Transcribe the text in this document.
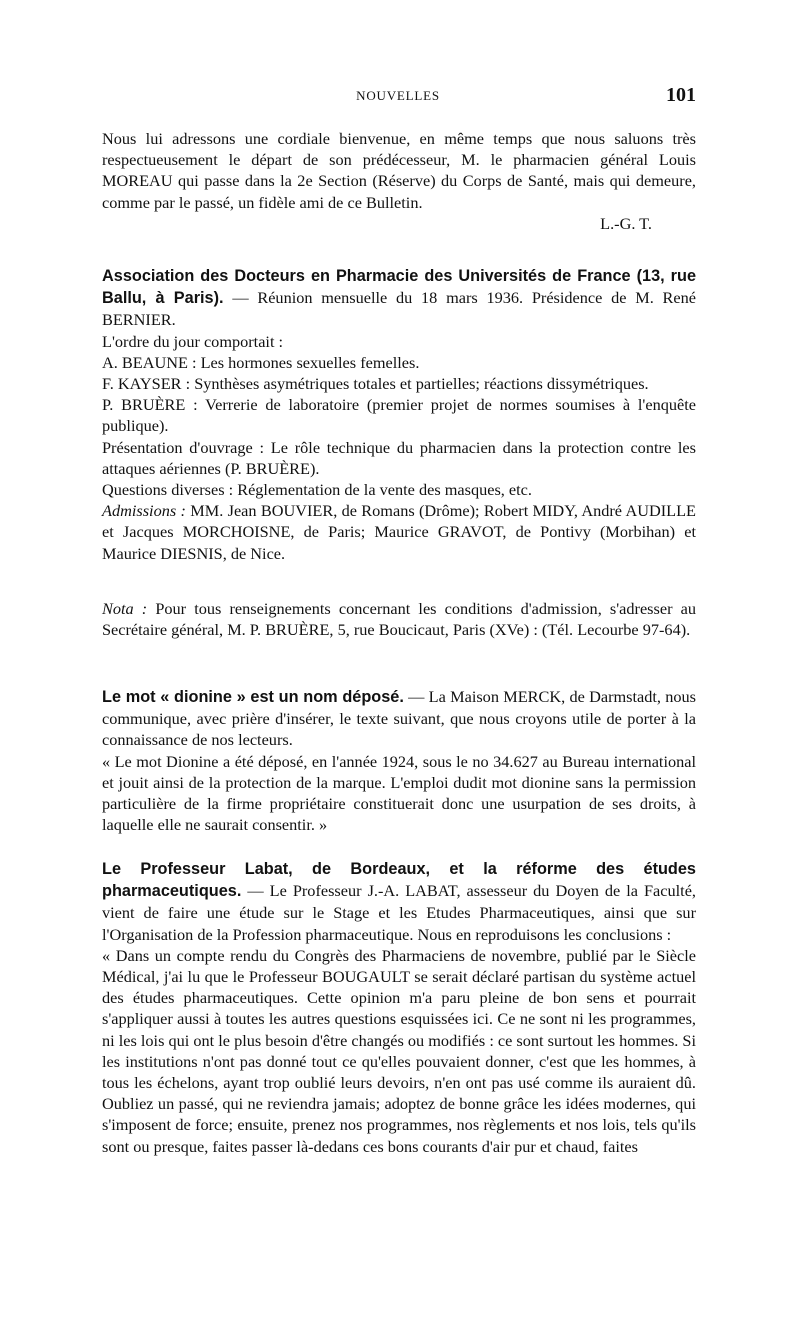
NOUVELLES	101

Nous lui adressons une cordiale bienvenue, en même temps que nous saluons très respectueusement le départ de son prédécesseur, M. le pharmacien général Louis MOREAU qui passe dans la 2e Section (Réserve) du Corps de Santé, mais qui demeure, comme par le passé, un fidèle ami de ce Bulletin.

L.-G. T.

Association des Docteurs en Pharmacie des Universités de France (13, rue Ballu, à Paris). — Réunion mensuelle du 18 mars 1936. Présidence de M. René BERNIER.

L'ordre du jour comportait :

A. BEAUNE : Les hormones sexuelles femelles.

F. KAYSER : Synthèses asymétriques totales et partielles; réactions dissymétriques.

P. BRUÈRE : Verrerie de laboratoire (premier projet de normes soumises à l'enquête publique).

Présentation d'ouvrage : Le rôle technique du pharmacien dans la protection contre les attaques aériennes (P. BRUÈRE).

Questions diverses : Réglementation de la vente des masques, etc.

Admissions : MM. Jean BOUVIER, de Romans (Drôme); Robert MIDY, André AUDILLE et Jacques MORCHOISNE, de Paris; Maurice GRAVOT, de Pontivy (Morbihan) et Maurice DIESNIS, de Nice.

Nota : Pour tous renseignements concernant les conditions d'admission, s'adresser au Secrétaire général, M. P. BRUÈRE, 5, rue Boucicaut, Paris (XVe) : (Tél. Lecourbe 97-64).

Le mot « dionine » est un nom déposé. — La Maison MERCK, de Darmstadt, nous communique, avec prière d'insérer, le texte suivant, que nous croyons utile de porter à la connaissance de nos lecteurs.

« Le mot Dionine a été déposé, en l'année 1924, sous le no 34.627 au Bureau international et jouit ainsi de la protection de la marque. L'emploi dudit mot dionine sans la permission particulière de la firme propriétaire constituerait donc une usurpation de ses droits, à laquelle elle ne saurait consentir. »

Le Professeur Labat, de Bordeaux, et la réforme des études pharmaceutiques. — Le Professeur J.-A. LABAT, assesseur du Doyen de la Faculté, vient de faire une étude sur le Stage et les Etudes Pharmaceutiques, ainsi que sur l'Organisation de la Profession pharmaceutique. Nous en reproduisons les conclusions :

« Dans un compte rendu du Congrès des Pharmaciens de novembre, publié par le Siècle Médical, j'ai lu que le Professeur BOUGAULT se serait déclaré partisan du système actuel des études pharmaceutiques. Cette opinion m'a paru pleine de bon sens et pourrait s'appliquer aussi à toutes les autres questions esquissées ici. Ce ne sont ni les programmes, ni les lois qui ont le plus besoin d'être changés ou modifiés : ce sont surtout les hommes. Si les institutions n'ont pas donné tout ce qu'elles pouvaient donner, c'est que les hommes, à tous les échelons, ayant trop oublié leurs devoirs, n'en ont pas usé comme ils auraient dû. Oubliez un passé, qui ne reviendra jamais; adoptez de bonne grâce les idées modernes, qui s'imposent de force; ensuite, prenez nos programmes, nos règlements et nos lois, tels qu'ils sont ou presque, faites passer là-dedans ces bons courants d'air pur et chaud, faites
